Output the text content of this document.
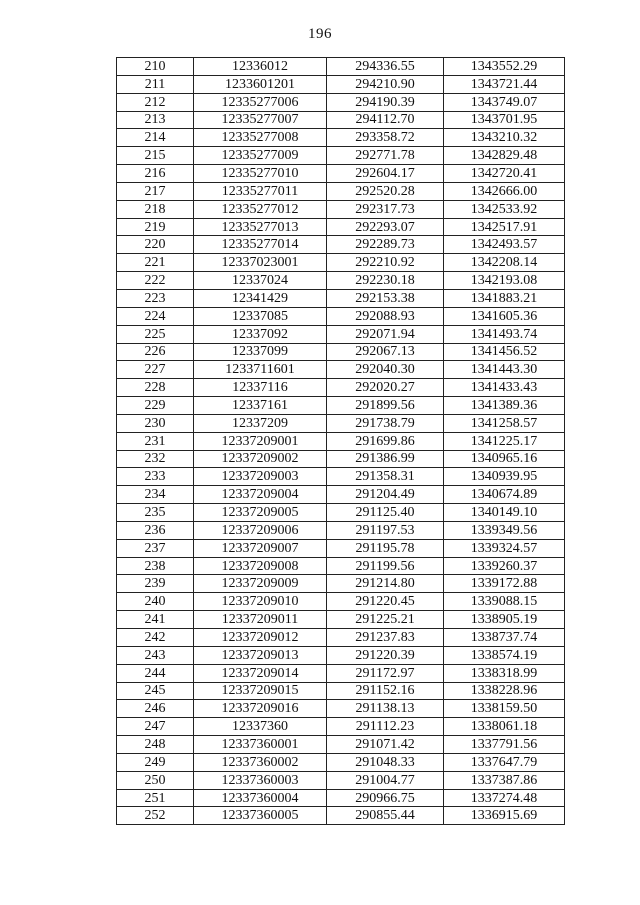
196
210	12336012	294336.55	1343552.29
211	1233601201	294210.90	1343721.44
212	12335277006	294190.39	1343749.07
213	12335277007	294112.70	1343701.95
214	12335277008	293358.72	1343210.32
215	12335277009	292771.78	1342829.48
216	12335277010	292604.17	1342720.41
217	12335277011	292520.28	1342666.00
218	12335277012	292317.73	1342533.92
219	12335277013	292293.07	1342517.91
220	12335277014	292289.73	1342493.57
221	12337023001	292210.92	1342208.14
222	12337024	292230.18	1342193.08
223	12341429	292153.38	1341883.21
224	12337085	292088.93	1341605.36
225	12337092	292071.94	1341493.74
226	12337099	292067.13	1341456.52
227	1233711601	292040.30	1341443.30
228	12337116	292020.27	1341433.43
229	12337161	291899.56	1341389.36
230	12337209	291738.79	1341258.57
231	12337209001	291699.86	1341225.17
232	12337209002	291386.99	1340965.16
233	12337209003	291358.31	1340939.95
234	12337209004	291204.49	1340674.89
235	12337209005	291125.40	1340149.10
236	12337209006	291197.53	1339349.56
237	12337209007	291195.78	1339324.57
238	12337209008	291199.56	1339260.37
239	12337209009	291214.80	1339172.88
240	12337209010	291220.45	1339088.15
241	12337209011	291225.21	1338905.19
242	12337209012	291237.83	1338737.74
243	12337209013	291220.39	1338574.19
244	12337209014	291172.97	1338318.99
245	12337209015	291152.16	1338228.96
246	12337209016	291138.13	1338159.50
247	12337360	291112.23	1338061.18
248	12337360001	291071.42	1337791.56
249	12337360002	291048.33	1337647.79
250	12337360003	291004.77	1337387.86
251	12337360004	290966.75	1337274.48
252	12337360005	290855.44	1336915.69
